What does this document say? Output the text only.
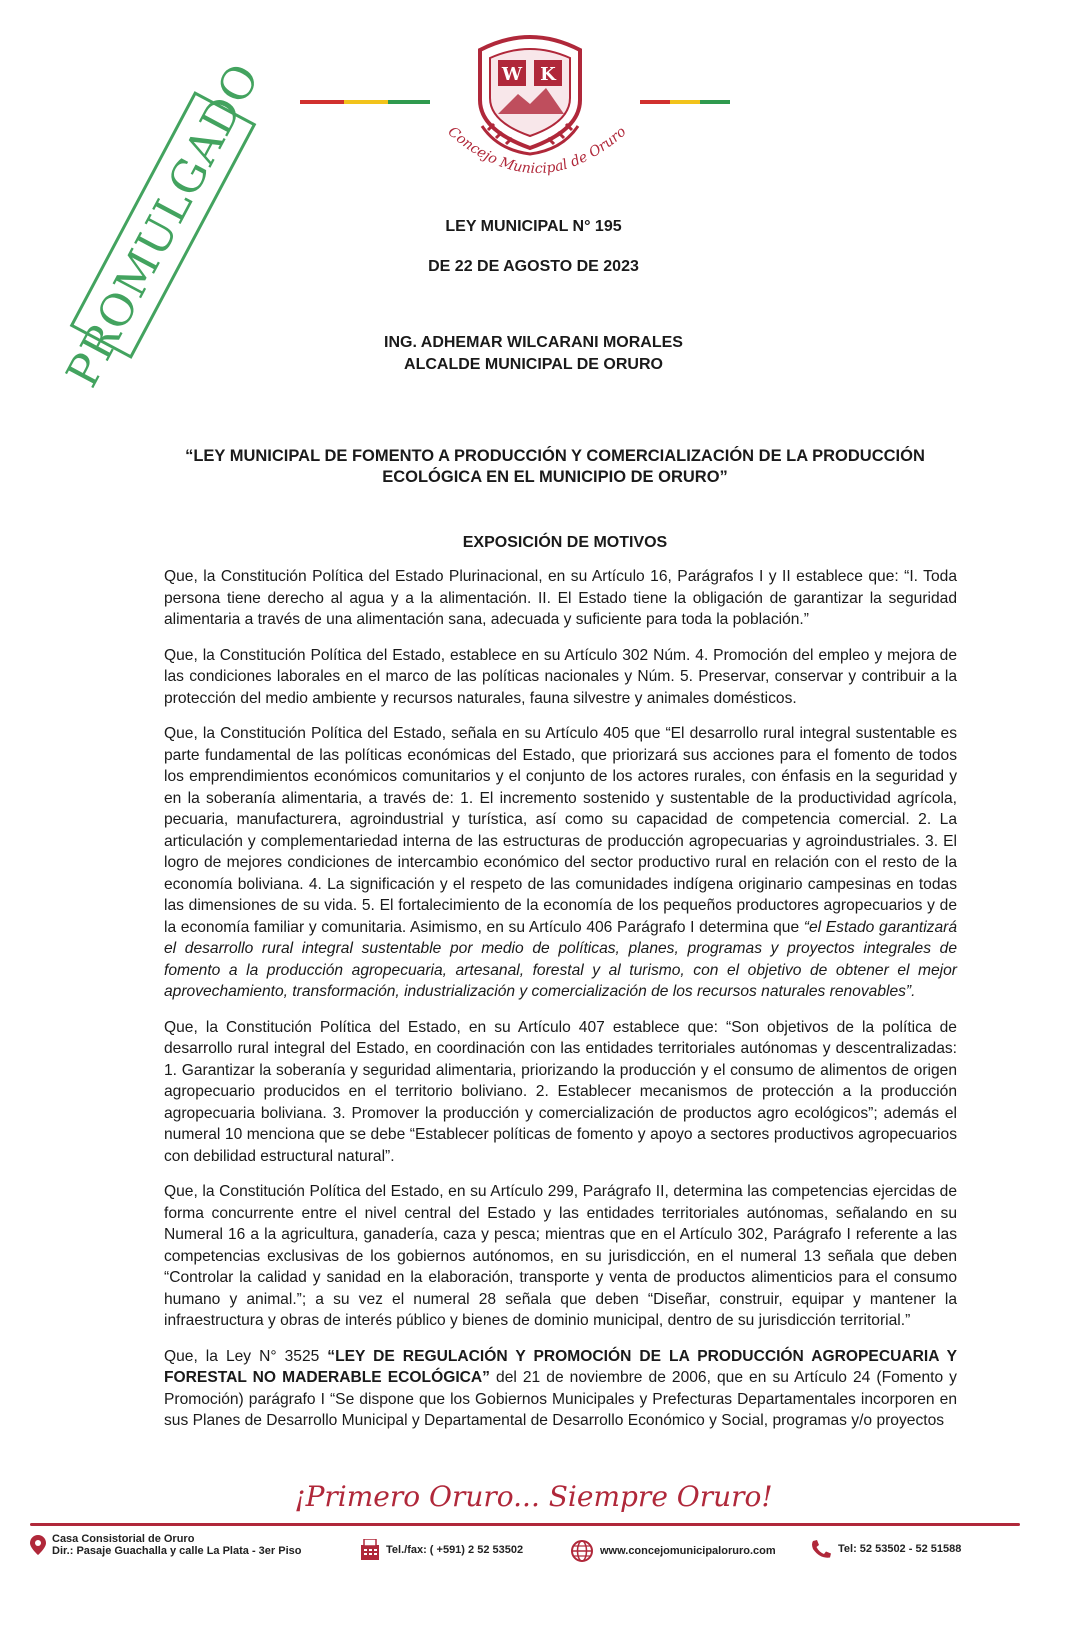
W K
Concejo Municipal de Oruro
PROMULGADO	LEY MUNICIPAL N° 195
DE 22 DE AGOSTO DE 2023
ING. ADHEMAR WILCARANI MORALES
ALCALDE MUNICIPAL DE ORURO
“LEY MUNICIPAL DE FOMENTO A PRODUCCIÓN Y COMERCIALIZACIÓN DE LA PRODUCCIÓN ECOLÓGICA EN EL MUNICIPIO DE ORURO”
EXPOSICIÓN DE MOTIVOS

Que, la Constitución Política del Estado Plurinacional, en su Artículo 16, Parágrafos I y II establece que: “I. Toda persona tiene derecho al agua y a la alimentación. II. El Estado tiene la obligación de garantizar la seguridad alimentaria a través de una alimentación sana, adecuada y suficiente para toda la población.”

Que, la Constitución Política del Estado, establece en su Artículo 302 Núm. 4. Promoción del empleo y mejora de las condiciones laborales en el marco de las políticas nacionales y Núm. 5. Preservar, conservar y contribuir a la protección del medio ambiente y recursos naturales, fauna silvestre y animales domésticos.

Que, la Constitución Política del Estado, señala en su Artículo 405 que “El desarrollo rural integral sustentable es parte fundamental de las políticas económicas del Estado, que priorizará sus acciones para el fomento de todos los emprendimientos económicos comunitarios y el conjunto de los actores rurales, con énfasis en la seguridad y en la soberanía alimentaria, a través de: 1. El incremento sostenido y sustentable de la productividad agrícola, pecuaria, manufacturera, agroindustrial y turística, así como su capacidad de competencia comercial. 2. La articulación y complementariedad interna de las estructuras de producción agropecuarias y agroindustriales. 3. El logro de mejores condiciones de intercambio económico del sector productivo rural en relación con el resto de la economía boliviana. 4. La significación y el respeto de las comunidades indígena originario campesinas en todas las dimensiones de su vida. 5. El fortalecimiento de la economía de los pequeños productores agropecuarios y de la economía familiar y comunitaria. Asimismo, en su Artículo 406 Parágrafo I determina que “el Estado garantizará el desarrollo rural integral sustentable por medio de políticas, planes, programas y proyectos integrales de fomento a la producción agropecuaria, artesanal, forestal y al turismo, con el objetivo de obtener el mejor aprovechamiento, transformación, industrialización y comercialización de los recursos naturales renovables”.

Que, la Constitución Política del Estado, en su Artículo 407 establece que: “Son objetivos de la política de desarrollo rural integral del Estado, en coordinación con las entidades territoriales autónomas y descentralizadas: 1. Garantizar la soberanía y seguridad alimentaria, priorizando la producción y el consumo de alimentos de origen agropecuario producidos en el territorio boliviano. 2. Establecer mecanismos de protección a la producción agropecuaria boliviana. 3. Promover la producción y comercialización de productos agro ecológicos”; además el numeral 10 menciona que se debe “Establecer políticas de fomento y apoyo a sectores productivos agropecuarios con debilidad estructural natural”.

Que, la Constitución Política del Estado, en su Artículo 299, Parágrafo II, determina las competencias ejercidas de forma concurrente entre el nivel central del Estado y las entidades territoriales autónomas, señalando en su Numeral 16 a la agricultura, ganadería, caza y pesca; mientras que en el Artículo 302, Parágrafo I referente a las competencias exclusivas de los gobiernos autónomos, en su jurisdicción, en el numeral 13 señala que deben “Controlar la calidad y sanidad en la elaboración, transporte y venta de productos alimenticios para el consumo humano y animal.”; a su vez el numeral 28 señala que deben “Diseñar, construir, equipar y mantener la infraestructura y obras de interés público y bienes de dominio municipal, dentro de su jurisdicción territorial.”

Que, la Ley N° 3525 “LEY DE REGULACIÓN Y PROMOCIÓN DE LA PRODUCCIÓN AGROPECUARIA Y FORESTAL NO MADERABLE ECOLÓGICA” del 21 de noviembre de 2006, que en su Artículo 24 (Fomento y Promoción) parágrafo I “Se dispone que los Gobiernos Municipales y Prefecturas Departamentales incorporen en sus Planes de Desarrollo Municipal y Departamental de Desarrollo Económico y Social, programas y/o proyectos

¡Primero Oruro... Siempre Oruro!
Casa Consistorial de Oruro
Dir.: Pasaje Guachalla y calle La Plata - 3er Piso	Tel./fax: ( +591) 2 52 53502	www.concejomunicipaloruro.com	Tel: 52 53502 - 52 51588
